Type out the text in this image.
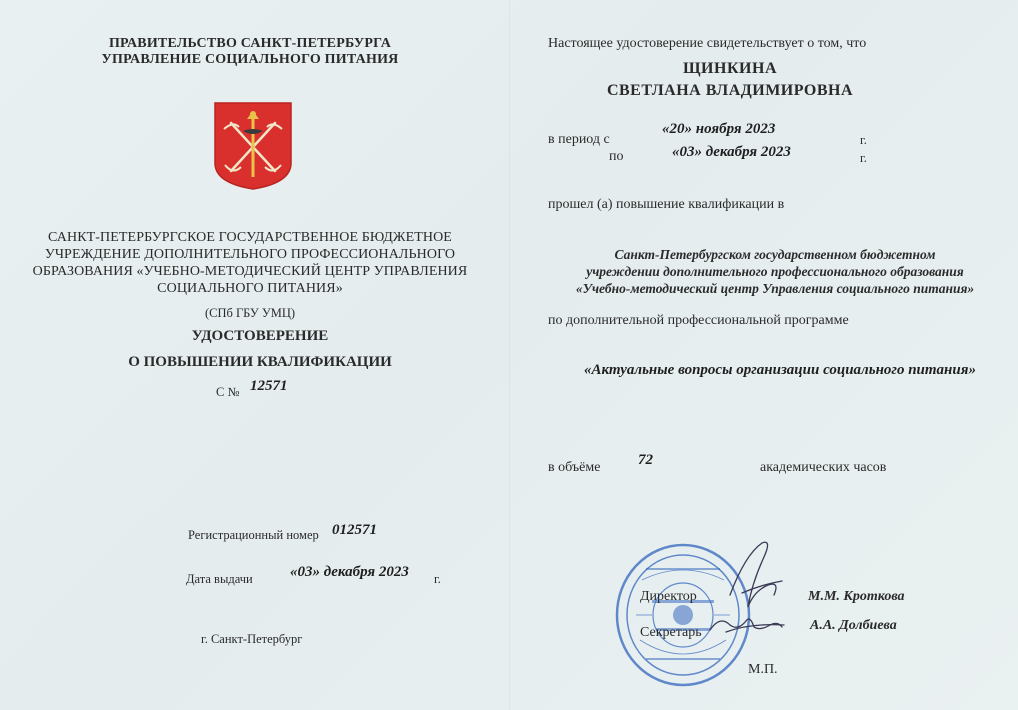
ПРАВИТЕЛЬСТВО САНКТ-ПЕТЕРБУРГА
УПРАВЛЕНИЕ СОЦИАЛЬНОГО ПИТАНИЯ
САНКТ-ПЕТЕРБУРГСКОЕ ГОСУДАРСТВЕННОЕ БЮДЖЕТНОЕ
УЧРЕЖДЕНИЕ ДОПОЛНИТЕЛЬНОГО ПРОФЕССИОНАЛЬНОГО
ОБРАЗОВАНИЯ «УЧЕБНО-МЕТОДИЧЕСКИЙ ЦЕНТР УПРАВЛЕНИЯ
СОЦИАЛЬНОГО ПИТАНИЯ»
(СПб ГБУ УМЦ)
УДОСТОВЕРЕНИЕ
О ПОВЫШЕНИИ КВАЛИФИКАЦИИ
С № 12571
Регистрационный номер 012571
Дата выдачи «03» декабря 2023 г.
г. Санкт-Петербург
Настоящее удостоверение свидетельствует о том, что
ЩИНКИНА
СВЕТЛАНА ВЛАДИМИРОВНА
в период с
«20» ноября 2023
г.
по	«03» декабря 2023	г.
прошел (а) повышение квалификации в
Санкт-Петербургском государственном бюджетном
учреждении дополнительного профессионального образования
«Учебно-методический центр Управления социального питания»
по дополнительной профессиональной программе
«Актуальные вопросы организации социального питания»
в объёме	72	академических часов
Директор	М.М. Кроткова
Секретарь	А.А. Долбиева
М.П.
